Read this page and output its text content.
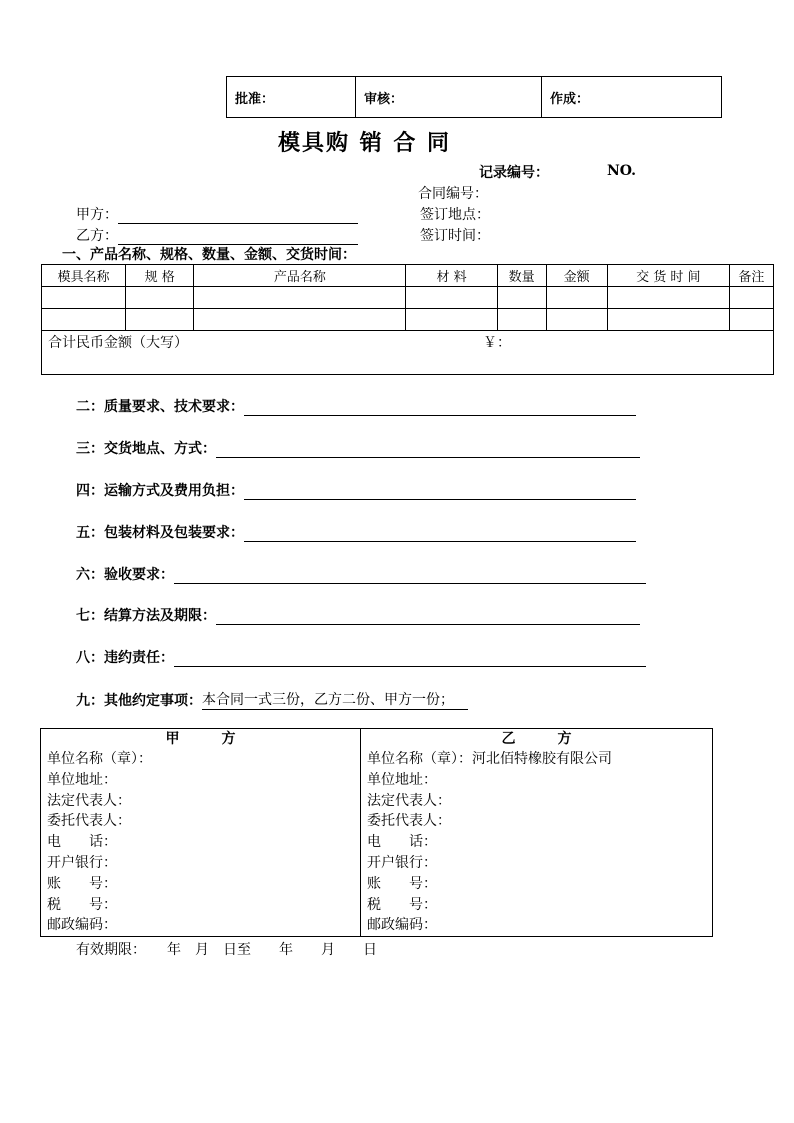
批准：	审核：	作成：
模具购 销 合 同
记录编号：	NO.
合同编号：
甲方：	签订地点：
乙方：	签订时间：
一、产品名称、规格、数量、金额、交货时间：
模具名称	规 格	产品名称	材 料	数量	金额	交 货 时 间	备注

合计民币金额（大写） ￥：							
二：质量要求、技术要求：
三：交货地点、方式：
四：运输方式及费用负担：
五：包装材料及包装要求：
六：验收要求：
七：结算方法及期限：
八：违约责任：
九：其他约定事项： 本合同一式三份，乙方二份、甲方一份；
甲　　　方
单位名称（章）：
单位地址：
法定代表人：
委托代表人：
电　　话：
开户银行：
账　　号：
税　　号：
邮政编码：
乙　　　方
单位名称（章）：河北佰特橡胶有限公司
单位地址：
法定代表人：
委托代表人：
电　　话：
开户银行：
账　　号：
税　　号：
邮政编码：
有效期限：　　年　月　日至　　年　　月　　日
